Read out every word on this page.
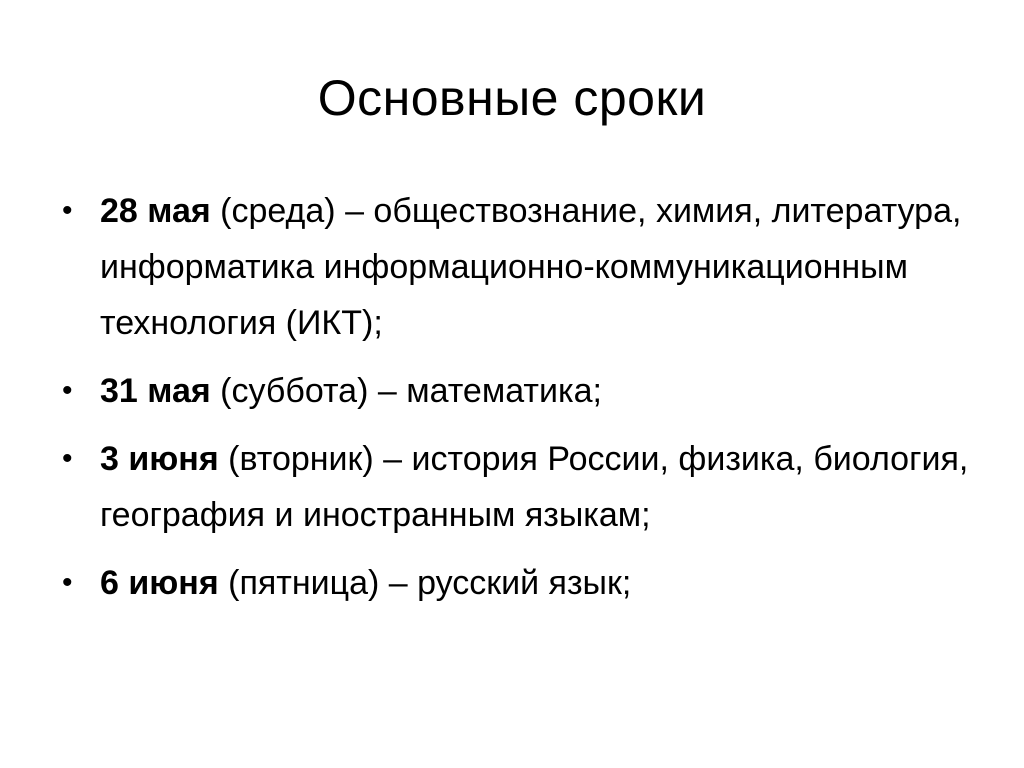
Основные сроки
• 28 мая (среда) – обществознание, химия, литература, информатика информационно-коммуникационным технология (ИКТ);
• 31 мая (суббота) – математика;
• 3 июня (вторник) – история России, физика, биология, география и иностранным языкам;
• 6 июня (пятница) – русский язык;
